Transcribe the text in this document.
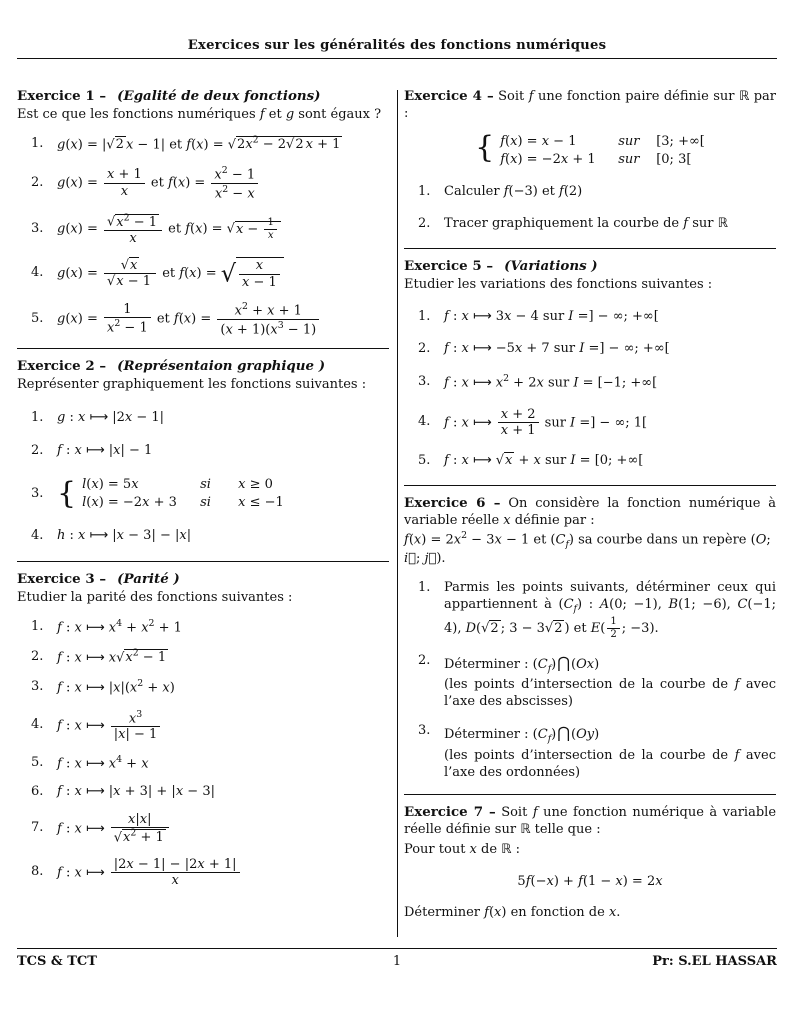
Exercices sur les généralités des fonctions numériques
Exercice 1 – (Egalité de deux fonctions)
Est ce que les fonctions numériques f et g sont égaux ?
1.	g(x) = |√2 x − 1| et $f(x) = √2x^2 - 2√2$ x + 1
2.	$g(x) = \frac{x + 1}{x}$ et $f(x) = \frac{x^2 - 1}{x^2 - x}$
3.	$g(x) = \frac{√x^2 - 1}{x}$ et $f(x) = √x - \frac{1}{x}$
4.	$g(x) = \frac{√x}{√x - 1}$ et f(x) = √ $\frac{x}{x - 1}$
5.	$g(x) = \frac{1}{x^2 - 1}$ et $f(x) = \frac{x^2 + x + 1}{(x + 1)(x^3 - 1)}$
Exercice 2 – (Représentaion graphique )
Représenter graphiquement les fonctions suivantes :
1.	g : x ⟼ |2x − 1|
2.	f : x ⟼ |x| − 1
3. { l(x) = 5x	si	x ≥ 0
l(x) = −2x + 3	si	x ≤ −1
4.	h : x ⟼ |x − 3| − |x|
Exercice 3 – (Parité )
Etudier la parité des fonctions suivantes :
1.	f : x ⟼ $x^4 + x^2 + 1$
2.	f : x ⟼ $x√x^2 - 1$
3.	f : x ⟼ $|x|(x^2 + x)$
4.	f : x ⟼ $\frac{x^3}{|x| - 1}$
5.	f : x ⟼ $x^4 + x$
6.	f : x ⟼ |x + 3| + |x − 3|
7.	f : x ⟼ $\frac{x|x|}{√x^2 + 1}$
8.	f : x ⟼ $\frac{|2x - 1| - |2x + 1|}{x}$

Exercice 4 – Soit f une fonction paire définie sur ℝ par :

{ f(x) = x − 1	sur	[3; +∞[
f(x) = −2x + 1	sur	[0; 3[
1.	Calculer f(−3) et f(2)
2.	Tracer graphiquement la courbe de f sur ℝ
Exercice 5 – (Variations )
Etudier les variations des fonctions suivantes :
1.	f : x ⟼ 3x − 4 sur I =] − ∞; +∞[
2.	f : x ⟼ −5x + 7 sur I =] − ∞; +∞[
3.	f : x ⟼ $x^2 + 2x$ sur I = [−1; +∞[
4.	f : x ⟼ $\frac{x + 2}{x + 1}$ sur I =] − ∞; 1[
5.	f : x ⟼ √x + x sur I = [0; +∞[

Exercice 6 – On considère la fonction numérique à variable réelle x définie par :

$f(x) = 2x^2 - 3x - 1$ et $(C_f)$ sa courbe dans un repère (O; i⃗; j⃗).
1.	Parmis les points suivants, détérminer ceux qui appartiennent à $(C_f)$ : A(0; −1), B(1; −6), C(−1; 4), D(√2 ; 3 − 3√2 ) et $E( \frac{1}{2}$ ; −3).
2.	Déterminer : $(C_f)⋂(Ox)$
(les points d’intersection de la courbe de f avec l’axe des abscisses)
3.	Déterminer : $(C_f)⋂(Oy)$
(les points d’intersection de la courbe de f avec l’axe des ordonnées)

Exercice 7 – Soit f une fonction numérique à variable réelle définie sur ℝ telle que :

Pour tout x de ℝ :
5f(−x) + f(1 − x) = 2x
Déterminer f(x) en fonction de x.
TCS & TCT	1	Pr: S.EL HASSAR
